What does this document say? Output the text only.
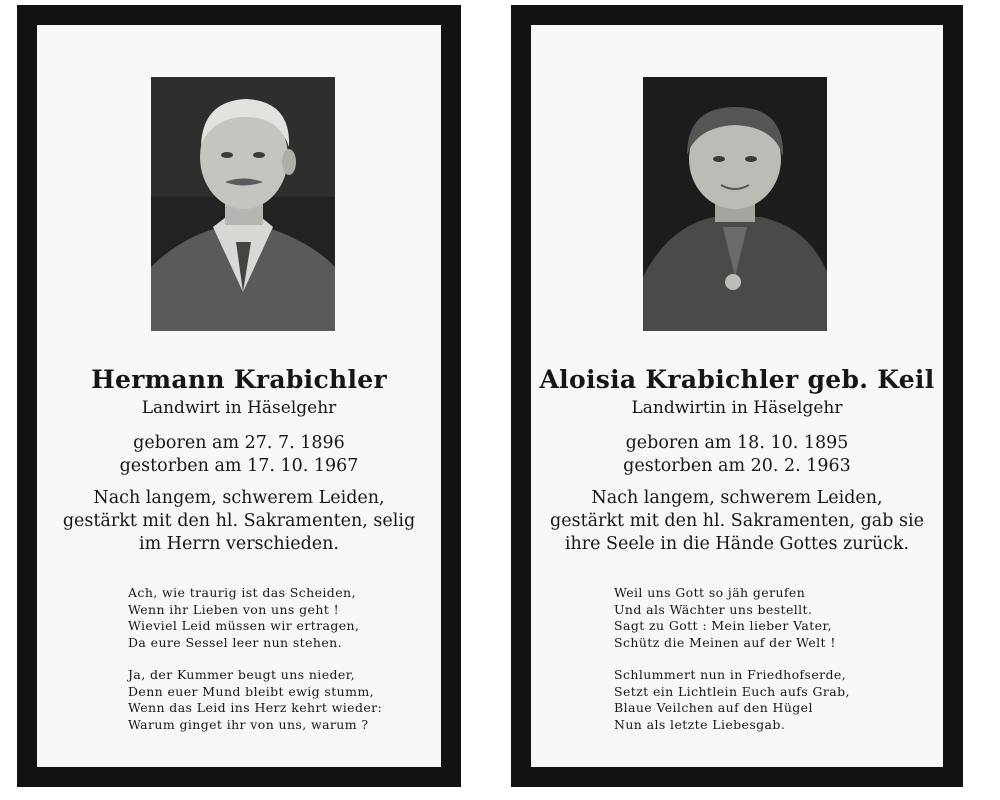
Hermann Krabichler
Landwirt in Häselgehr
geboren am 27. 7. 1896
gestorben am 17. 10. 1967
Nach langem, schwerem Leiden,
gestärkt mit den hl. Sakramenten, selig
im Herrn verschieden.
Ach, wie traurig ist das Scheiden,
Wenn ihr Lieben von uns geht !
Wieviel Leid müssen wir ertragen,
Da eure Sessel leer nun stehen.
Ja, der Kummer beugt uns nieder,
Denn euer Mund bleibt ewig stumm,
Wenn das Leid ins Herz kehrt wieder:
Warum ginget ihr von uns, warum ?
Aloisia Krabichler geb. Keil
Landwirtin in Häselgehr
geboren am 18. 10. 1895
gestorben am 20. 2. 1963
Nach langem, schwerem Leiden,
gestärkt mit den hl. Sakramenten, gab sie
ihre Seele in die Hände Gottes zurück.
Weil uns Gott so jäh gerufen
Und als Wächter uns bestellt.
Sagt zu Gott : Mein lieber Vater,
Schütz die Meinen auf der Welt !
Schlummert nun in Friedhofserde,
Setzt ein Lichtlein Euch aufs Grab,
Blaue Veilchen auf den Hügel
Nun als letzte Liebesgab.
